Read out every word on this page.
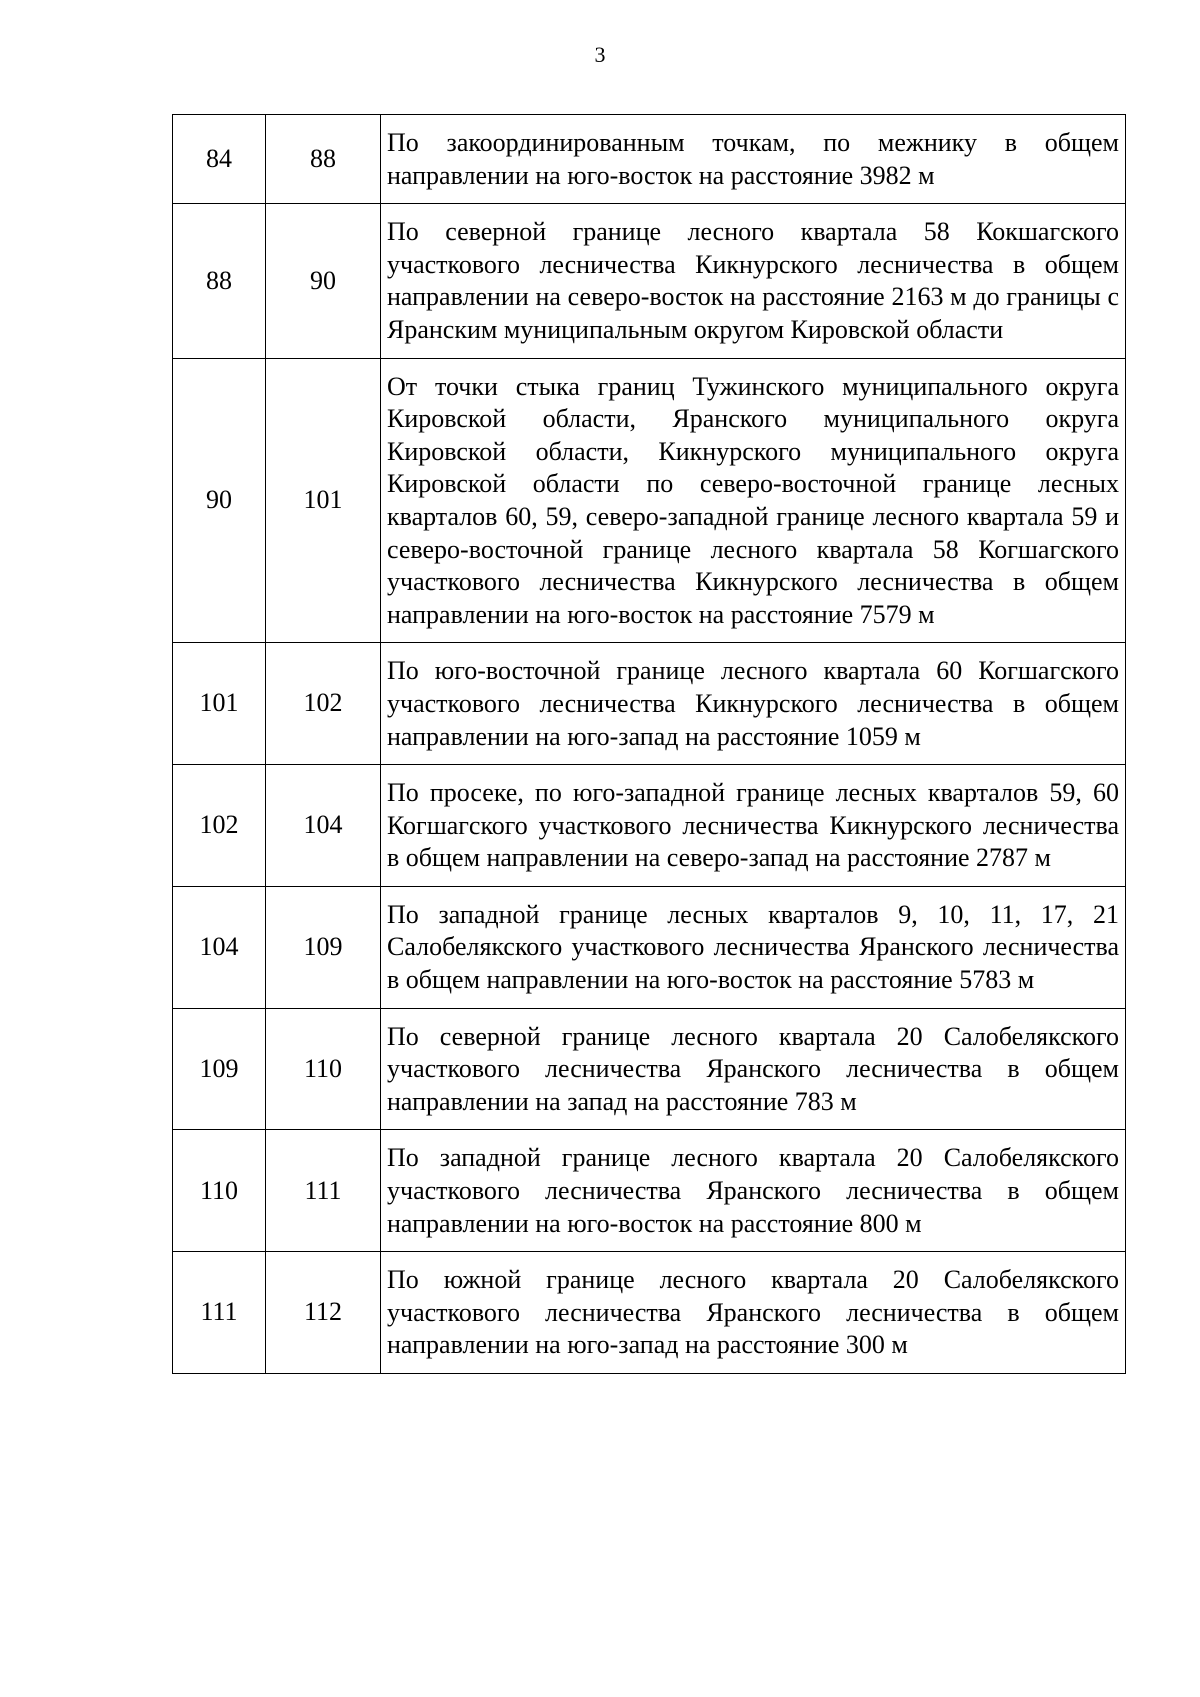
3
84	88	По закоординированным точкам, по межнику в общем направлении на юго-восток на расстояние 3982 м
88	90	По северной границе лесного квартала 58 Кокшагского участкового лесничества Кикнурского лесничества в общем направлении на северо-восток на расстояние 2163 м до границы с Яранским муниципальным округом Кировской области
90	101	От точки стыка границ Тужинского муниципального округа Кировской области, Яранского муниципального округа Кировской области, Кикнурского муниципального округа Кировской области по северо-восточной границе лесных кварталов 60, 59, северо-западной границе лесного квартала 59 и северо-восточной границе лесного квартала 58 Когшагского участкового лесничества Кикнурского лесничества в общем направлении на юго-восток на расстояние 7579 м
101	102	По юго-восточной границе лесного квартала 60 Когшагского участкового лесничества Кикнурского лесничества в общем направлении на юго-запад на расстояние 1059 м
102	104	По просеке, по юго-западной границе лесных кварталов 59, 60 Когшагского участкового лесничества Кикнурского лесничества в общем направлении на северо-запад на расстояние 2787 м
104	109	По западной границе лесных кварталов 9, 10, 11, 17, 21 Салобелякского участкового лесничества Яранского лесничества в общем направлении на юго-восток на расстояние 5783 м
109	110	По северной границе лесного квартала 20 Салобелякского участкового лесничества Яранского лесничества в общем направлении на запад на расстояние 783 м
110	111	По западной границе лесного квартала 20 Салобелякского участкового лесничества Яранского лесничества в общем направлении на юго-восток на расстояние 800 м
111	112	По южной границе лесного квартала 20 Салобелякского участкового лесничества Яранского лесничества в общем направлении на юго-запад на расстояние 300 м
